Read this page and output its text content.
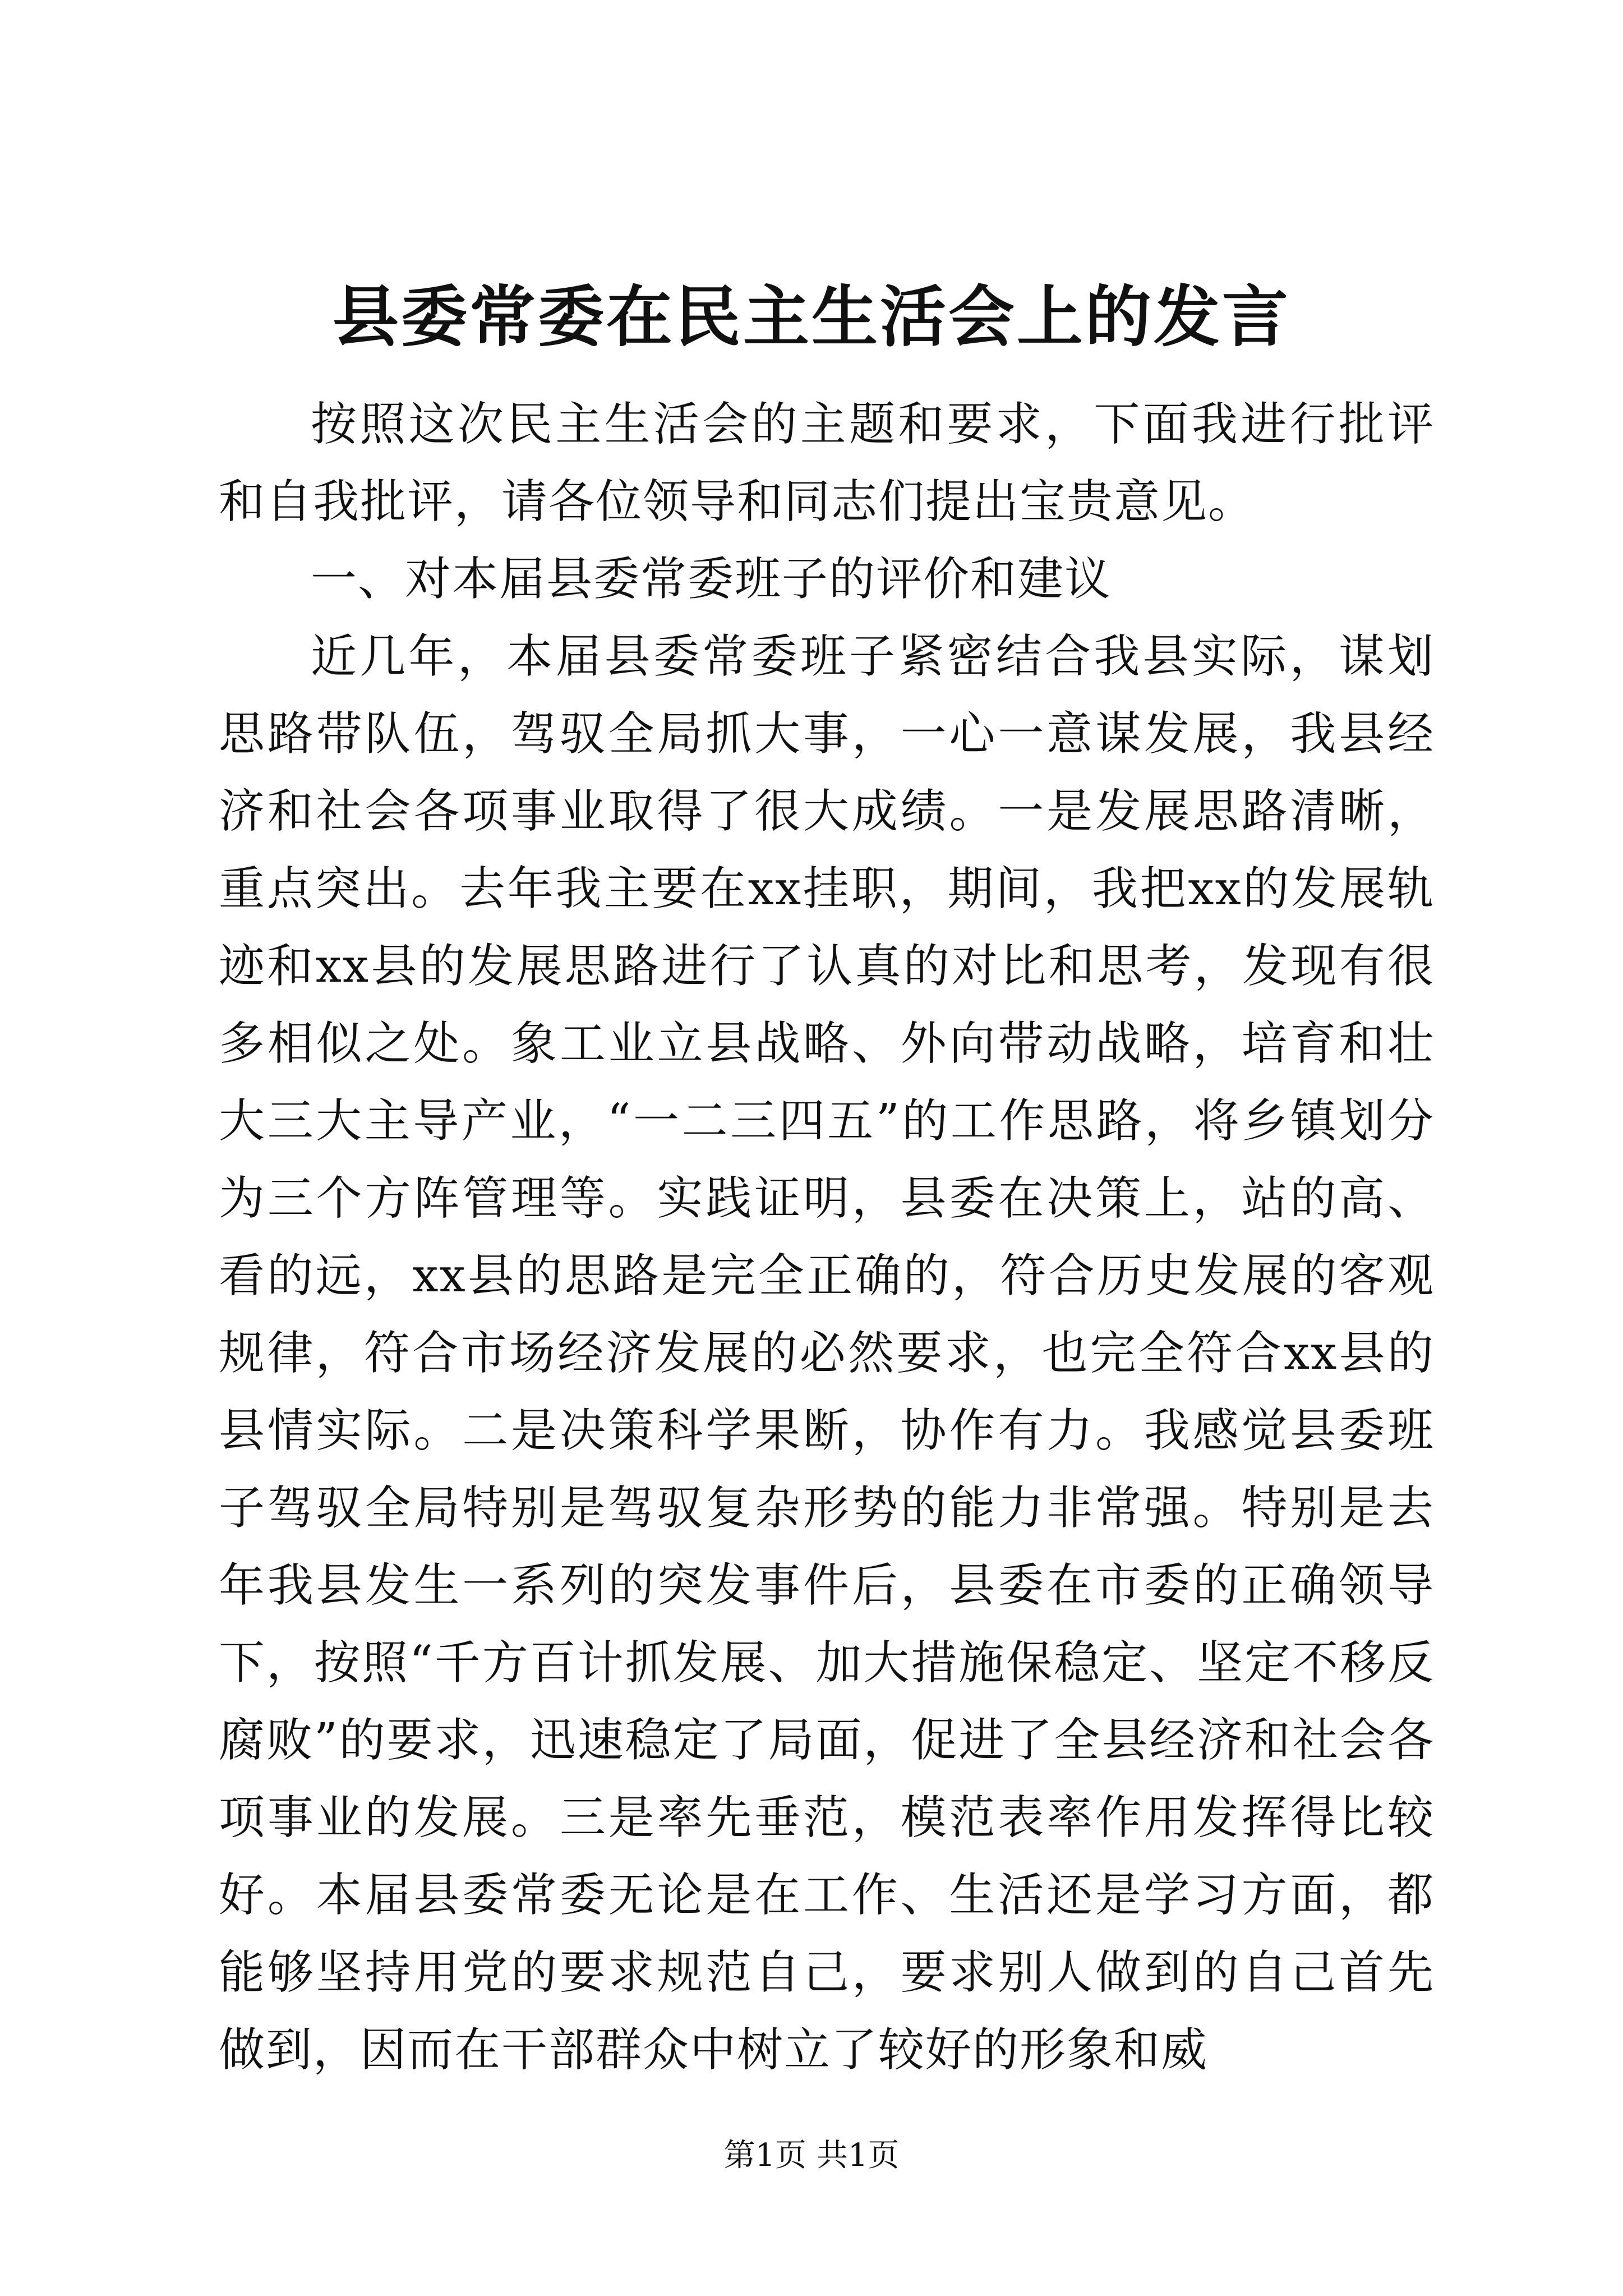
县委常委在民主生活会上的发言

按照这次民主生活会的主题和要求，下面我进行批评和自我批评，请各位领导和同志们提出宝贵意见。

一、对本届县委常委班子的评价和建议

近几年，本届县委常委班子紧密结合我县实际，谋划思路带队伍，驾驭全局抓大事，一心一意谋发展，我县经济和社会各项事业取得了很大成绩。一是发展思路清晰，重点突出。去年我主要在xx挂职，期间，我把xx的发展轨迹和xx县的发展思路进行了认真的对比和思考，发现有很多相似之处。象工业立县战略、外向带动战略，培育和壮大三大主导产业，“一二三四五”的工作思路，将乡镇划分为三个方阵管理等。实践证明，县委在决策上，站的高、看的远，xx县的思路是完全正确的，符合历史发展的客观规律，符合市场经济发展的必然要求，也完全符合xx县的县情实际。二是决策科学果断，协作有力。我感觉县委班子驾驭全局特别是驾驭复杂形势的能力非常强。特别是去年我县发生一系列的突发事件后，县委在市委的正确领导下，按照“千方百计抓发展、加大措施保稳定、坚定不移反腐败”的要求，迅速稳定了局面，促进了全县经济和社会各项事业的发展。三是率先垂范，模范表率作用发挥得比较好。本届县委常委无论是在工作、生活还是学习方面，都能够坚持用党的要求规范自己，要求别人做到的自己首先做到，因而在干部群众中树立了较好的形象和威

第1页 共1页
